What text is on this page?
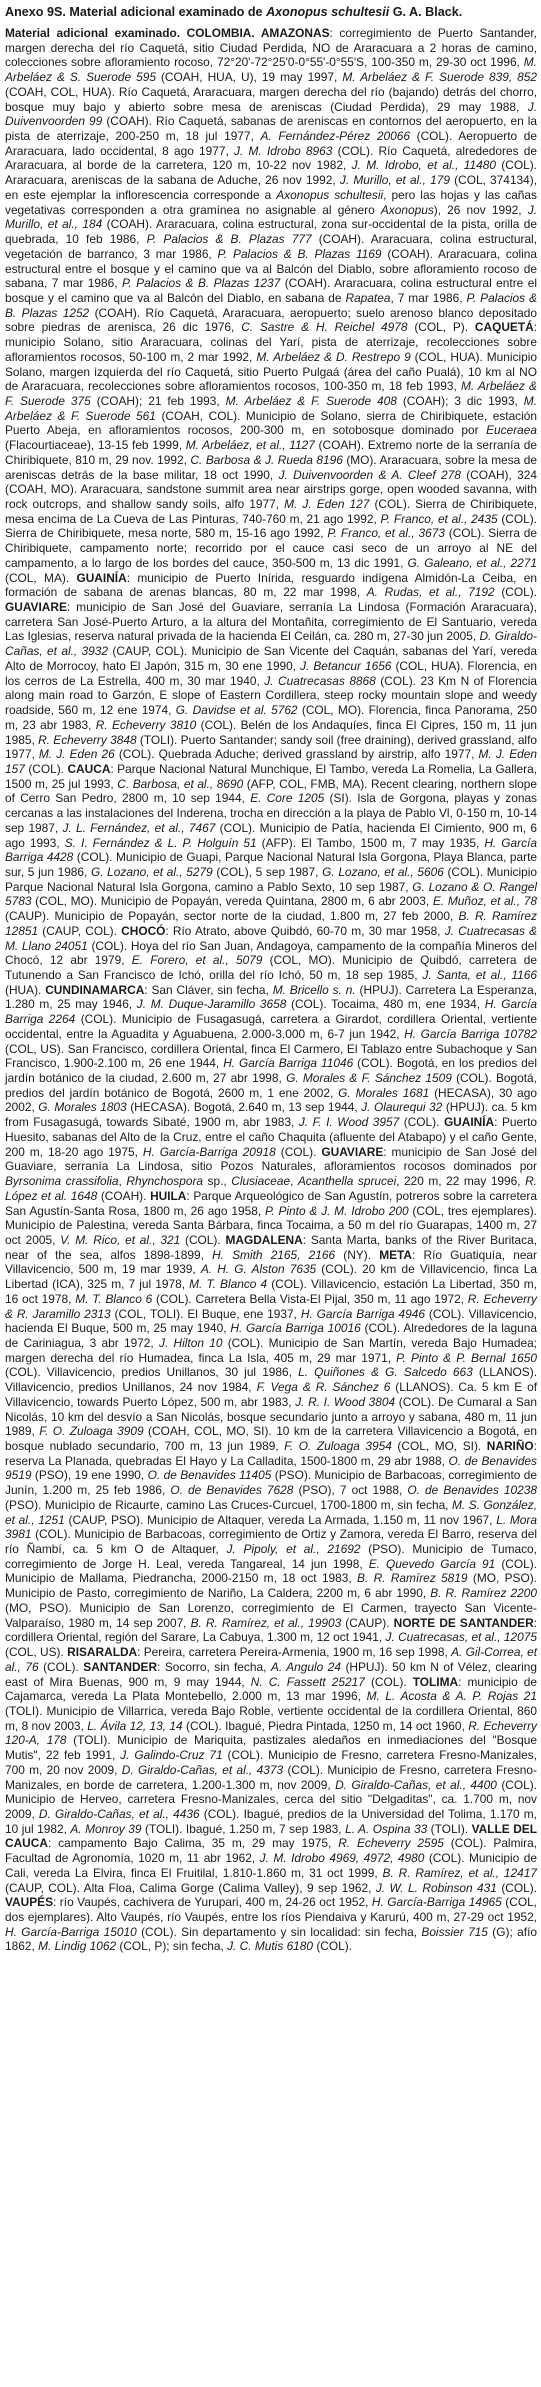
Anexo 9S. Material adicional examinado de Axonopus schultesii G. A. Black.

Material adicional examinado. COLOMBIA. AMAZONAS: corregimiento de Puerto Santander, margen derecha del río Caquetá, sitio Ciudad Perdida, NO de Araracuara a 2 horas de camino, colecciones sobre afloramiento rocoso, 72°20'-72°25'0-0°55'-0°55'S, 100-350 m, 29-30 oct 1996, M. Arbeláez & S. Suerode 595 (COAH, HUA, U), 19 may 1997, M. Arbeláez & F. Suerode 839, 852 (COAH, COL, HUA). Río Caquetá, Araracuara, margen derecha del río (bajando) detrás del chorro, bosque muy bajo y abierto sobre mesa de areniscas (Ciudad Perdida), 29 may 1988, J. Duivenvoorden 99 (COAH). Río Caquetá, sabanas de areniscas en contornos del aeropuerto, en la pista de aterrizaje, 200-250 m, 18 jul 1977, A. Fernández-Pérez 20066 (COL). Aeropuerto de Araracuara, lado occidental, 8 ago 1977, J. M. Idrobo 8963 (COL). Río Caquetá, alrededores de Araracuara, al borde de la carretera, 120 m, 10-22 nov 1982, J. M. Idrobo, et al., 11480 (COL). Araracuara, areniscas de la sabana de Aduche, 26 nov 1992, J. Murillo, et al., 179 (COL, 374134), en este ejemplar la inflorescencia corresponde a Axonopus schultesii, pero las hojas y las cañas vegetativas corresponden a otra gramínea no asignable al género Axonopus), 26 nov 1992, J. Murillo, et al., 184 (COAH). Araracuara, colina estructural, zona sur-occidental de la pista, orilla de quebrada, 10 feb 1986, P. Palacios & B. Plazas 777 (COAH). Araracuara, colina estructural, vegetación de barranco, 3 mar 1986, P. Palacios & B. Plazas 1169 (COAH). Araracuara, colina estructural entre el bosque y el camino que va al Balcón del Diablo, sobre afloramiento rocoso de sabana, 7 mar 1986, P. Palacios & B. Plazas 1237 (COAH). Araracuara, colina estructural entre el bosque y el camino que va al Balcón del Diablo, en sabana de Rapatea, 7 mar 1986, P. Palacios & B. Plazas 1252 (COAH). Río Caquetá, Araracuara, aeropuerto; suelo arenoso blanco depositado sobre piedras de arenisca, 26 dic 1976, C. Sastre & H. Reichel 4978 (COL, P). CAQUETÁ: municipio Solano, sitio Araracuara, colinas del Yarí, pista de aterrizaje, recolecciones sobre afloramientos rocosos, 50-100 m, 2 mar 1992, M. Arbeláez & D. Restrepo 9 (COL, HUA). Municipio Solano, margen izquierda del río Caquetá, sitio Puerto Pulgaá (área del caño Pualá), 10 km al NO de Araracuara, recolecciones sobre afloramientos rocosos, 100-350 m, 18 feb 1993, M. Arbeláez & F. Suerode 375 (COAH); 21 feb 1993, M. Arbeláez & F. Suerode 408 (COAH); 3 dic 1993, M. Arbeláez & F. Suerode 561 (COAH, COL). Municipio de Solano, sierra de Chiribiquete, estación Puerto Abeja, en afloramientos rocosos, 200-300 m, en sotobosque dominado por Euceraea (Flacourtiaceae), 13-15 feb 1999, M. Arbeláez, et al., 1127 (COAH). Extremo norte de la serranía de Chiribiquete, 810 m, 29 nov. 1992, C. Barbosa & J. Rueda 8196 (MO). Araracuara, sobre la mesa de areniscas detrás de la base militar, 18 oct 1990, J. Duivenvoorden & A. Cleef 278 (COAH), 324 (COAH, MO). Araracuara, sandstone summit area near airstrips gorge, open wooded savanna, with rock outcrops, and shallow sandy soils, alfo 1977, M. J. Eden 127 (COL). Sierra de Chiribiquete, mesa encima de La Cueva de Las Pinturas, 740-760 m, 21 ago 1992, P. Franco, et al., 2435 (COL). Sierra de Chiribiquete, mesa norte, 580 m, 15-16 ago 1992, P. Franco, et al., 3673 (COL). Sierra de Chiribiquete, campamento norte; recorrido por el cauce casi seco de un arroyo al NE del campamento, a lo largo de los bordes del cauce, 350-500 m, 13 dic 1991, G. Galeano, et al., 2271 (COL, MA). GUAINÍA: municipio de Puerto Inírida, resguardo indígena Almidón-La Ceiba, en formación de sabana de arenas blancas, 80 m, 22 mar 1998, A. Rudas, et al., 7192 (COL). GUAVIARE: municipio de San José del Guaviare, serranía La Lindosa (Formación Araracuara), carretera San José-Puerto Arturo, a la altura del Montañita, corregimiento de El Santuario, vereda Las Iglesias, reserva natural privada de la hacienda El Ceilán, ca. 280 m, 27-30 jun 2005, D. Giraldo-Cañas, et al., 3932 (CAUP, COL). Municipio de San Vicente del Caquán, sabanas del Yarí, vereda Alto de Morrocoy, hato El Japón, 315 m, 30 ene 1990, J. Betancur 1656 (COL, HUA). Florencia, en los cerros de La Estrella, 400 m, 30 mar 1940, J. Cuatrecasas 8868 (COL). 23 Km N of Florencia along main road to Garzón, E slope of Eastern Cordillera, steep rocky mountain slope and weedy roadside, 560 m, 12 ene 1974, G. Davidse et al. 5762 (COL, MO). Florencia, finca Panorama, 250 m, 23 abr 1983, R. Echeverry 3810 (COL). Belén de los Andaquíes, finca El Cipres, 150 m, 11 jun 1985, R. Echeverry 3848 (TOLI). Puerto Santander; sandy soil (free draining), derived grassland, alfo 1977, M. J. Eden 26 (COL). Quebrada Aduche; derived grassland by airstrip, alfo 1977, M. J. Eden 157 (COL). CAUCA: Parque Nacional Natural Munchique, El Tambo, vereda La Romelia, La Gallera, 1500 m, 25 jul 1993, C. Barbosa, et al., 8690 (AFP, COL, FMB, MA). Recent clearing, northern slope of Cerro San Pedro, 2800 m, 10 sep 1944, E. Core 1205 (SI). Isla de Gorgona, playas y zonas cercanas a las instalaciones del Inderena, trocha en dirección a la playa de Pablo Vl, 0-150 m, 10-14 sep 1987, J. L. Fernández, et al., 7467 (COL). Municipio de Patía, hacienda El Cimiento, 900 m, 6 ago 1993, S. I. Fernández & L. P. Holguín 51 (AFP). El Tambo, 1500 m, 7 may 1935, H. García Barriga 4428 (COL). Municipio de Guapi, Parque Nacional Natural Isla Gorgona, Playa Blanca, parte sur, 5 jun 1986, G. Lozano, et al., 5279 (COL), 5 sep 1987, G. Lozano, et al., 5606 (COL). Municipio Parque Nacional Natural Isla Gorgona, camino a Pablo Sexto, 10 sep 1987, G. Lozano & O. Rangel 5783 (COL, MO). Municipio de Popayán, vereda Quintana, 2800 m, 6 abr 2003, E. Muñoz, et al., 78 (CAUP). Municipio de Popayán, sector norte de la ciudad, 1.800 m, 27 feb 2000, B. R. Ramírez 12851 (CAUP, COL). CHOCÓ: Río Atrato, above Quibdó, 60-70 m, 30 mar 1958, J. Cuatrecasas & M. Llano 24051 (COL). Hoya del río San Juan, Andagoya, campamento de la compañía Mineros del Chocó, 12 abr 1979, E. Forero, et al., 5079 (COL, MO). Municipio de Quibdó, carretera de Tutunendo a San Francisco de Ichó, orilla del río Ichó, 50 m, 18 sep 1985, J. Santa, et al., 1166 (HUA). CUNDINAMARCA: San Cláver, sin fecha, M. Bricello s. n. (HPUJ). Carretera La Esperanza, 1.280 m, 25 may 1946, J. M. Duque-Jaramillo 3658 (COL). Tocaima, 480 m, ene 1934, H. García Barriga 2264 (COL). Municipio de Fusagasugá, carretera a Girardot, cordillera Oriental, vertiente occidental, entre la Aguadita y Aguabuena, 2.000-3.000 m, 6-7 jun 1942, H. García Barriga 10782 (COL, US). San Francisco, cordillera Oriental, finca El Carmero, El Tablazo entre Subachoque y San Francisco, 1.900-2.100 m, 26 ene 1944, H. García Barriga 11046 (COL). Bogotá, en los predios del jardín botánico de la ciudad, 2.600 m, 27 abr 1998, G. Morales & F. Sánchez 1509 (COL). Bogotá, predios del jardín botánico de Bogotá, 2600 m, 1 ene 2002, G. Morales 1681 (HECASA), 30 ago 2002, G. Morales 1803 (HECASA). Bogotá, 2.640 m, 13 sep 1944, J. Olaurequi 32 (HPUJ). ca. 5 km from Fusagasugá, towards Sibaté, 1900 m, abr 1983, J. F. I. Wood 3957 (COL). GUAINÍA: Puerto Huesito, sabanas del Alto de la Cruz, entre el caño Chaquita (afluente del Atabapo) y el caño Gente, 200 m, 18-20 ago 1975, H. García-Barriga 20918 (COL). GUAVIARE: municipio de San José del Guaviare, serranía La Lindosa, sitio Pozos Naturales, afloramientos rocosos dominados por Byrsonima crassifolia, Rhynchospora sp., Clusiaceae, Acanthella sprucei, 220 m, 22 may 1996, R. López et al. 1648 (COAH). HUILA: Parque Arqueológico de San Agustín, potreros sobre la carretera San Agustín-Santa Rosa, 1800 m, 26 ago 1958, P. Pinto & J. M. Idrobo 200 (COL, tres ejemplares). Municipio de Palestina, vereda Santa Bárbara, finca Tocaima, a 50 m del río Guarapas, 1400 m, 27 oct 2005, V. M. Rico, et al., 321 (COL). MAGDALENA: Santa Marta, banks of the River Buritaca, near of the sea, alfos 1898-1899, H. Smith 2165, 2166 (NY). META: Río Guatiquía, near Villavicencio, 500 m, 19 mar 1939, A. H. G. Alston 7635 (COL). 20 km de Villavicencio, finca La Libertad (ICA), 325 m, 7 jul 1978, M. T. Blanco 4 (COL). Villavicencio, estación La Libertad, 350 m, 16 oct 1978, M. T. Blanco 6 (COL). Carretera Bella Vista-El Pijal, 350 m, 11 ago 1972, R. Echeverry & R. Jaramillo 2313 (COL, TOLI). El Buque, ene 1937, H. García Barriga 4946 (COL). Villavicencio, hacienda El Buque, 500 m, 25 may 1940, H. García Barriga 10016 (COL). Alrededores de la laguna de Cariniagua, 3 abr 1972, J. Hilton 10 (COL). Municipio de San Martín, vereda Bajo Humadea; margen derecha del río Humadea, finca La Isla, 405 m, 29 mar 1971, P. Pinto & P. Bernal 1650 (COL). Villavicencio, predios Unillanos, 30 jul 1986, L. Quiñones & G. Salcedo 663 (LLANOS). Villavicencio, predios Unillanos, 24 nov 1984, F. Vega & R. Sánchez 6 (LLANOS). Ca. 5 km E of Villavicencio, towards Puerto López, 500 m, abr 1983, J. R. I. Wood 3804 (COL). De Cumaral a San Nicolás, 10 km del desvío a San Nicolás, bosque secundario junto a arroyo y sabana, 480 m, 11 jun 1989, F. O. Zuloaga 3909 (COAH, COL, MO, SI). 10 km de la carretera Villavicencio a Bogotá, en bosque nublado secundario, 700 m, 13 jun 1989, F. O. Zuloaga 3954 (COL, MO, SI). NARIÑO: reserva La Planada, quebradas El Hayo y La Calladita, 1500-1800 m, 29 abr 1988, O. de Benavides 9519 (PSO), 19 ene 1990, O. de Benavides 11405 (PSO). Municipio de Barbacoas, corregimiento de Junín, 1.200 m, 25 feb 1986, O. de Benavides 7628 (PSO), 7 oct 1988, O. de Benavides 10238 (PSO). Municipio de Ricaurte, camino Las Cruces-Curcuel, 1700-1800 m, sin fecha, M. S. González, et al., 1251 (CAUP, PSO). Municipio de Altaquer, vereda La Armada, 1.150 m, 11 nov 1967, L. Mora 3981 (COL). Municipio de Barbacoas, corregimiento de Ortiz y Zamora, vereda El Barro, reserva del río Ñambí, ca. 5 km O de Altaquer, J. Pipoly, et al., 21692 (PSO). Municipio de Tumaco, corregimiento de Jorge H. Leal, vereda Tangareal, 14 jun 1998, E. Quevedo García 91 (COL). Municipio de Mallama, Piedrancha, 2000-2150 m, 18 oct 1983, B. R. Ramírez 5819 (MO, PSO). Municipio de Pasto, corregimiento de Nariño, La Caldera, 2200 m, 6 abr 1990, B. R. Ramírez 2200 (MO, PSO). Municipio de San Lorenzo, corregimiento de El Carmen, trayecto San Vicente-Valparaíso, 1980 m, 14 sep 2007, B. R. Ramírez, et al., 19903 (CAUP). NORTE DE SANTANDER: cordillera Oriental, región del Sarare, La Cabuya, 1.300 m, 12 oct 1941, J. Cuatrecasas, et al., 12075 (COL, US). RISARALDA: Pereira, carretera Pereira-Armenia, 1900 m, 16 sep 1998, A. Gil-Correa, et al., 76 (COL). SANTANDER: Socorro, sin fecha, A. Angulo 24 (HPUJ). 50 km N of Vélez, clearing east of Mira Buenas, 900 m, 9 may 1944, N. C. Fassett 25217 (COL). TOLIMA: municipio de Cajamarca, vereda La Plata Montebello, 2.000 m, 13 mar 1996, M. L. Acosta & A. P. Rojas 21 (TOLI). Municipio de Villarrica, vereda Bajo Roble, vertiente occidental de la cordillera Oriental, 860 m, 8 nov 2003, L. Ávila 12, 13, 14 (COL). Ibagué, Piedra Pintada, 1250 m, 14 oct 1960, R. Echeverry 120-A, 178 (TOLI). Municipio de Mariquita, pastizales aledaños en inmediaciones del "Bosque Mutis", 22 feb 1991, J. Galindo-Cruz 71 (COL). Municipio de Fresno, carretera Fresno-Manizales, 700 m, 20 nov 2009, D. Giraldo-Cañas, et al., 4373 (COL). Municipio de Fresno, carretera Fresno-Manizales, en borde de carretera, 1.200-1.300 m, nov 2009, D. Giraldo-Cañas, et al., 4400 (COL). Municipio de Herveo, carretera Fresno-Manizales, cerca del sitio "Delgaditas", ca. 1.700 m, nov 2009, D. Giraldo-Cañas, et al., 4436 (COL). Ibagué, predios de la Universidad del Tolima, 1.170 m, 10 jul 1982, A. Monroy 39 (TOLI). Ibagué, 1.250 m, 7 sep 1983, L. A. Ospina 33 (TOLI). VALLE DEL CAUCA: campamento Bajo Calima, 35 m, 29 may 1975, R. Echeverry 2595 (COL). Palmira, Facultad de Agronomía, 1020 m, 11 abr 1962, J. M. Idrobo 4969, 4972, 4980 (COL). Municipio de Cali, vereda La Elvira, finca El Fruitilal, 1.810-1.860 m, 31 oct 1999, B. R. Ramírez, et al., 12417 (CAUP, COL). Alta Floa, Calima Gorge (Calima Valley), 9 sep 1962, J. W. L. Robinson 431 (COL). VAUPÉS: río Vaupés, cachivera de Yurupari, 400 m, 24-26 oct 1952, H. García-Barriga 14965 (COL, dos ejemplares). Alto Vaupés, río Vaupés, entre los ríos Piendaiva y Karurú, 400 m, 27-29 oct 1952, H. García-Barriga 15010 (COL). Sin departamento y sin localidad: sin fecha, Boissier 715 (G); afío 1862, M. Lindig 1062 (COL, P); sin fecha, J. C. Mutis 6180 (COL).
